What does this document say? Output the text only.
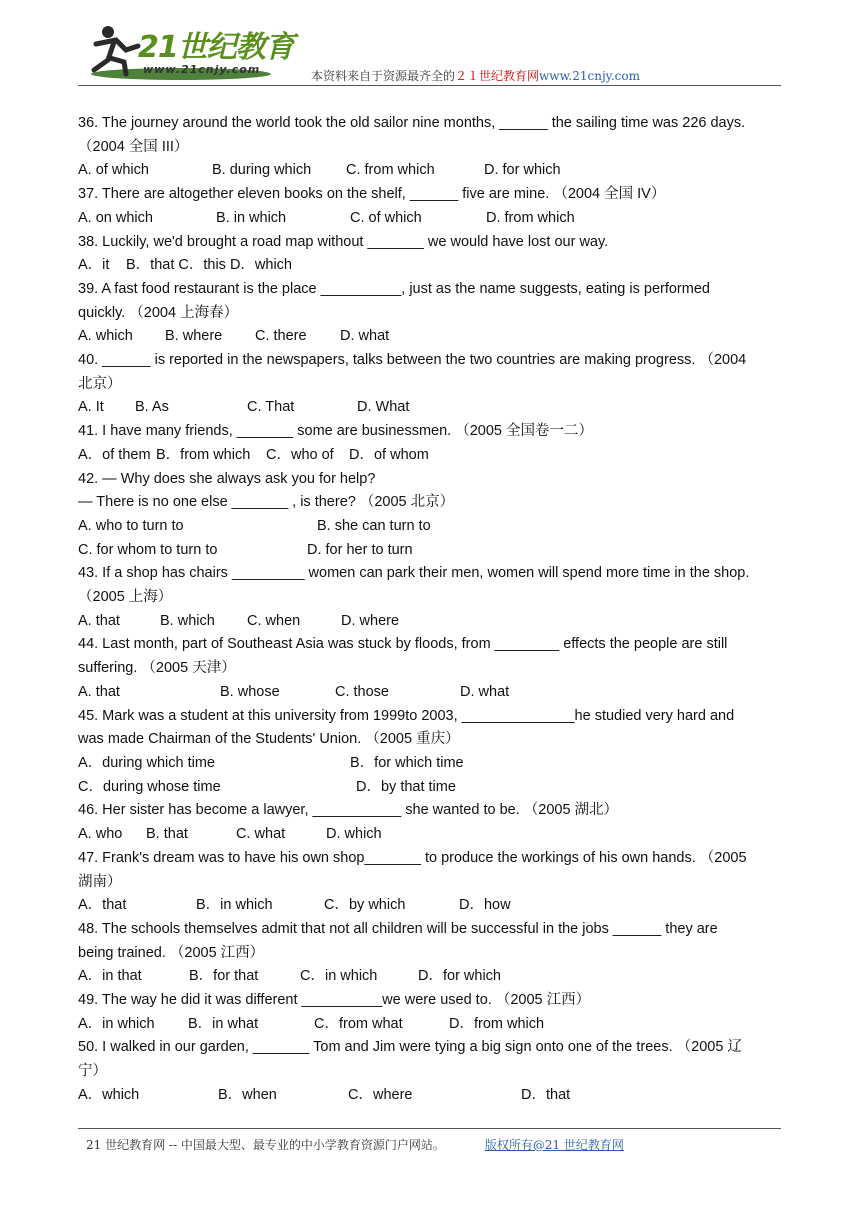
21世纪教育
www.21cnjy.com	本资料来自于资源最齐全的２１世纪教育网www.21cnjy.com
36. The journey around the world took the old sailor nine months, ______ the sailing time was 226 days.
（2004 全国 III）
A. of which	B. during which C. from which	D. for which
37. There are altogether eleven books on the shelf, ______ five are mine. （2004 全国 IV）
A. on which	B. in which	C. of which	D. from which
38. Luckily, we'd brought a road map without _______ we would have lost our way.
A．it B．that C．this D．which
39. A fast food restaurant is the place __________, just as the name suggests, eating is performed
quickly. （2004 上海春）
A. which B. where C. there D. what
40. ______ is reported in the newspapers, talks between the two countries are making progress. （2004
北京）
A. It B. As	C. That	D. What
41. I have many friends, _______ some are businessmen. （2005 全国卷一二）
A．of them B．from which C．who of D．of whom
42. — Why does she always ask you for help?
— There is no one else _______ , is there? （2005 北京）
A. who to turn to	B. she can turn to
C. for whom to turn to	D. for her to turn
43. If a shop has chairs _________ women can park their men, women will spend more time in the shop.
（2005 上海）
A. that	B. which C. when	D. where
44. Last month, part of Southeast Asia was stuck by floods, from ________ effects the people are still
suffering. （2005 天津）
A. that	B. whose	C. those	D. what
45. Mark was a student at this university from 1999to 2003, ______________he studied very hard and
was made Chairman of the Students' Union. （2005 重庆）
A．during which time	B．for which time
C．during whose time	D．by that time
46. Her sister has become a lawyer, ___________ she wanted to be. （2005 湖北）
A. who B. that	C. what	D. which
47. Frank's dream was to have his own shop_______ to produce the workings of his own hands. （2005
湖南）
A．that	B．in which	C．by which	D．how
48. The schools themselves admit that not all children will be successful in the jobs ______ they are
being trained. （2005 江西）
A．in that	B．for that	C．in which	D．for which
49. The way he did it was different __________we were used to. （2005 江西）
A．in which B．in what	C．from what	D．from which
50. I walked in our garden, _______ Tom and Jim were tying a big sign onto one of the trees. （2005 辽
宁）
A．which	B．when	C．where	D．that
21 世纪教育网 -- 中国最大型、最专业的中小学教育资源门户网站。	版权所有@21 世纪教育网
